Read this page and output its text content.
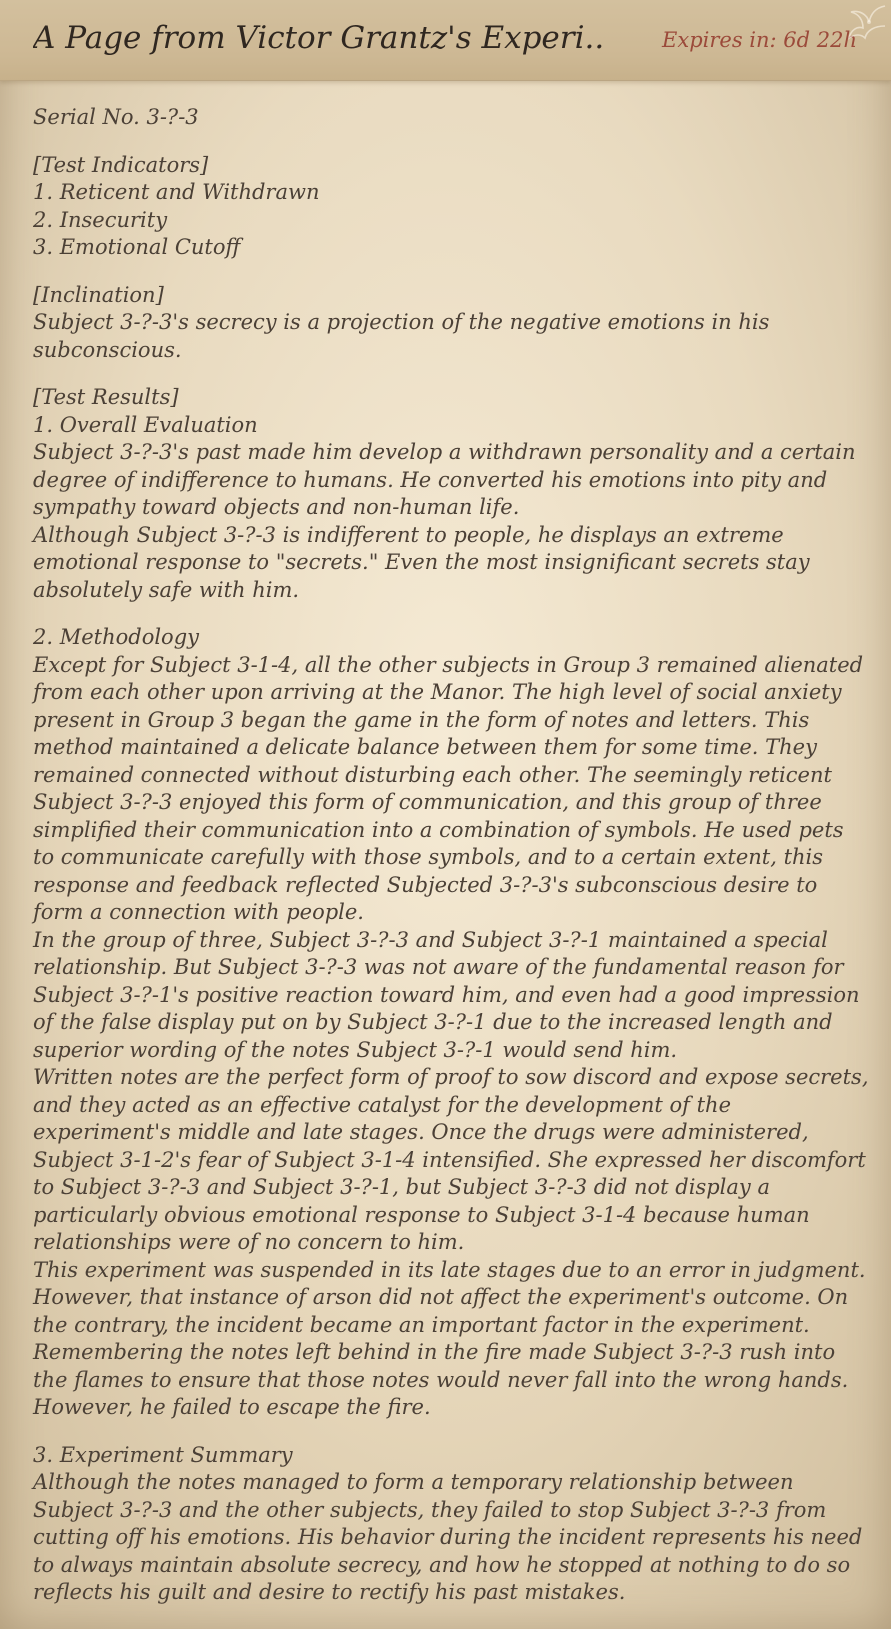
A Page from Victor Grantz's Experi..	Expires in: 6d 22h

Serial No. 3-?-3

[Test Indicators]

1. Reticent and Withdrawn

2. Insecurity

3. Emotional Cutoff

[Inclination]

Subject 3-?-3's secrecy is a projection of the negative emotions in his subconscious.

[Test Results]

1. Overall Evaluation

Subject 3-?-3's past made him develop a withdrawn personality and a certain degree of indifference to humans. He converted his emotions into pity and sympathy toward objects and non-human life.

Although Subject 3-?-3 is indifferent to people, he displays an extreme emotional response to "secrets." Even the most insignificant secrets stay absolutely safe with him.

2. Methodology

Except for Subject 3-1-4, all the other subjects in Group 3 remained alienated from each other upon arriving at the Manor. The high level of social anxiety present in Group 3 began the game in the form of notes and letters. This method maintained a delicate balance between them for some time. They remained connected without disturbing each other. The seemingly reticent Subject 3-?-3 enjoyed this form of communication, and this group of three simplified their communication into a combination of symbols. He used pets to communicate carefully with those symbols, and to a certain extent, this response and feedback reflected Subjected 3-?-3's subconscious desire to form a connection with people.

In the group of three, Subject 3-?-3 and Subject 3-?-1 maintained a special relationship. But Subject 3-?-3 was not aware of the fundamental reason for Subject 3-?-1's positive reaction toward him, and even had a good impression of the false display put on by Subject 3-?-1 due to the increased length and superior wording of the notes Subject 3-?-1 would send him.

Written notes are the perfect form of proof to sow discord and expose secrets, and they acted as an effective catalyst for the development of the experiment's middle and late stages. Once the drugs were administered, Subject 3-1-2's fear of Subject 3-1-4 intensified. She expressed her discomfort to Subject 3-?-3 and Subject 3-?-1, but Subject 3-?-3 did not display a particularly obvious emotional response to Subject 3-1-4 because human relationships were of no concern to him.

This experiment was suspended in its late stages due to an error in judgment. However, that instance of arson did not affect the experiment's outcome. On the contrary, the incident became an important factor in the experiment. Remembering the notes left behind in the fire made Subject 3-?-3 rush into the flames to ensure that those notes would never fall into the wrong hands. However, he failed to escape the fire.

3. Experiment Summary

Although the notes managed to form a temporary relationship between Subject 3-?-3 and the other subjects, they failed to stop Subject 3-?-3 from cutting off his emotions. His behavior during the incident represents his need to always maintain absolute secrecy, and how he stopped at nothing to do so reflects his guilt and desire to rectify his past mistakes.
